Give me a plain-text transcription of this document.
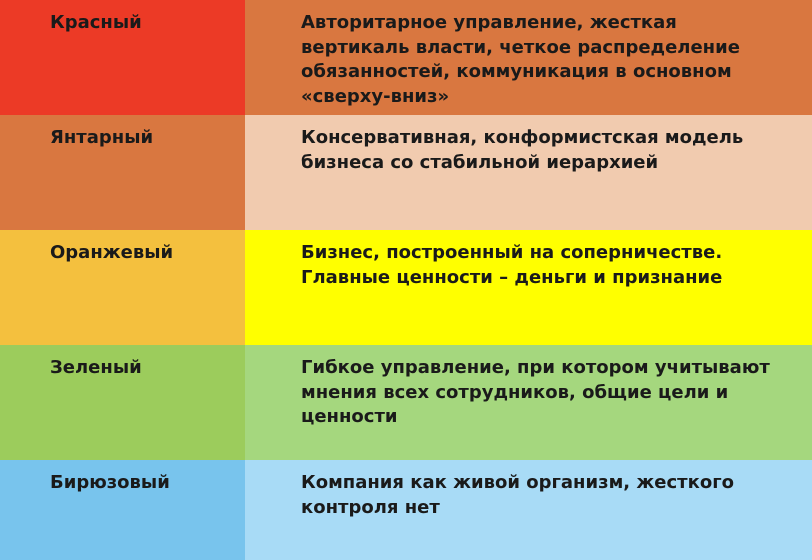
Красный	Авторитарное управление, жесткая вертикаль власти, четкое распределение обязанностей, коммуникация в основном «сверху-вниз»
Янтарный	Консервативная, конформистская модель бизнеса со стабильной иерархией
Оранжевый	Бизнес, построенный на соперничестве. Главные ценности – деньги и признание
Зеленый	Гибкое управление, при котором учитывают мнения всех сотрудников, общие цели и ценности
Бирюзовый	Компания как живой организм, жесткого контроля нет
